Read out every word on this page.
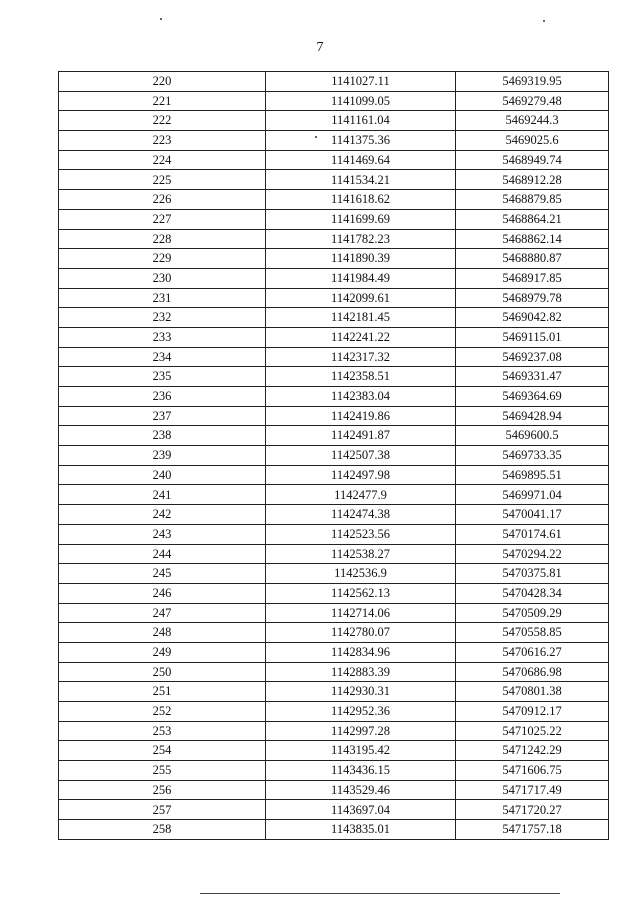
7
220	1141027.11	5469319.95
221	1141099.05	5469279.48
222	1141161.04	5469244.3
223	1141375.36	5469025.6
224	1141469.64	5468949.74
225	1141534.21	5468912.28
226	1141618.62	5468879.85
227	1141699.69	5468864.21
228	1141782.23	5468862.14
229	1141890.39	5468880.87
230	1141984.49	5468917.85
231	1142099.61	5468979.78
232	1142181.45	5469042.82
233	1142241.22	5469115.01
234	1142317.32	5469237.08
235	1142358.51	5469331.47
236	1142383.04	5469364.69
237	1142419.86	5469428.94
238	1142491.87	5469600.5
239	1142507.38	5469733.35
240	1142497.98	5469895.51
241	1142477.9	5469971.04
242	1142474.38	5470041.17
243	1142523.56	5470174.61
244	1142538.27	5470294.22
245	1142536.9	5470375.81
246	1142562.13	5470428.34
247	1142714.06	5470509.29
248	1142780.07	5470558.85
249	1142834.96	5470616.27
250	1142883.39	5470686.98
251	1142930.31	5470801.38
252	1142952.36	5470912.17
253	1142997.28	5471025.22
254	1143195.42	5471242.29
255	1143436.15	5471606.75
256	1143529.46	5471717.49
257	1143697.04	5471720.27
258	1143835.01	5471757.18
